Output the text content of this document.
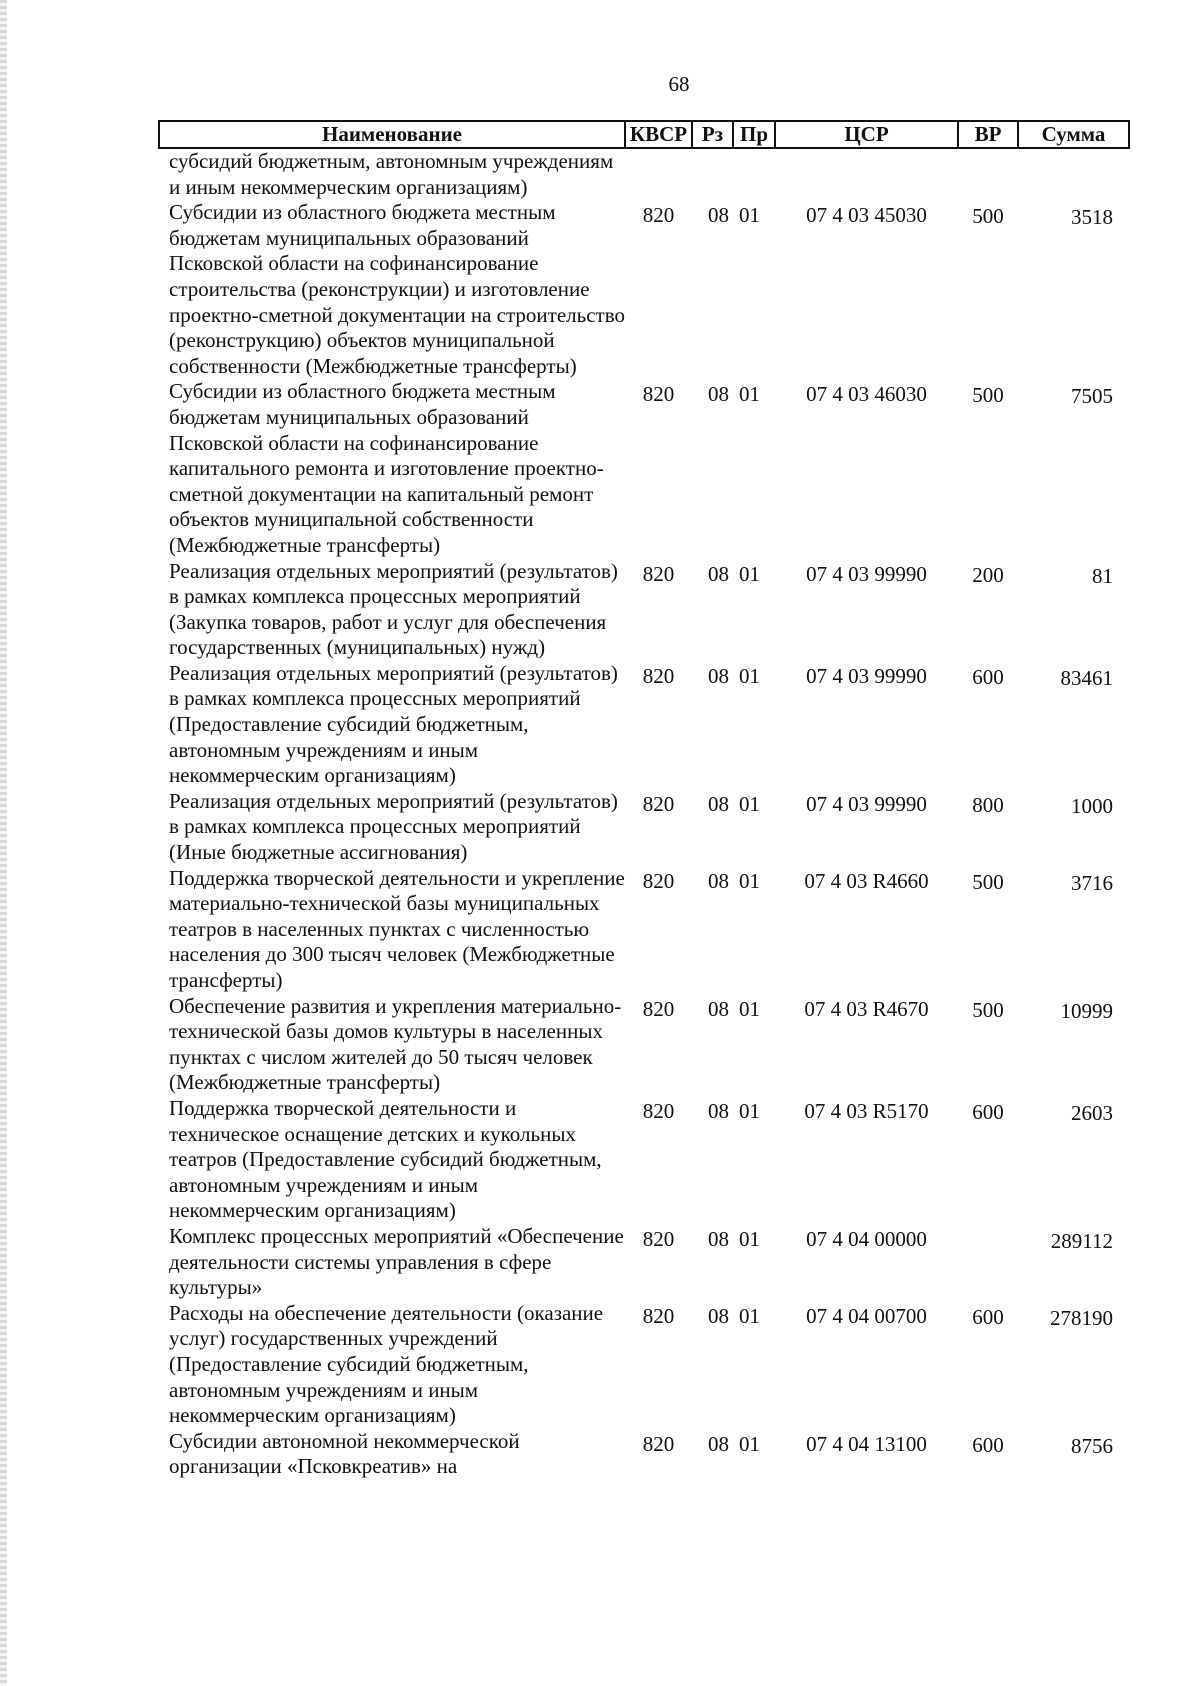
68
Наименование	КВСР	Рз	Пр	ЦСР	ВР	Сумма
субсидий бюджетным, автономным учреждениям и иным некоммерческим организациям)						
Субсидии из областного бюджета местным бюджетам муниципальных образований Псковской области на софинансирование строительства (реконструкции) и изготовление проектно-сметной документации на строительство (реконструкцию) объектов муниципальной собственности (Межбюджетные трансферты)	820	08	01	07 4 03 45030	500	3518
Субсидии из областного бюджета местным бюджетам муниципальных образований Псковской области на софинансирование капитального ремонта и изготовление проектно-сметной документации на капитальный ремонт объектов муниципальной собственности (Межбюджетные трансферты)	820	08	01	07 4 03 46030	500	7505
Реализация отдельных мероприятий (результатов) в рамках комплекса процессных мероприятий (Закупка товаров, работ и услуг для обеспечения государственных (муниципальных) нужд)	820	08	01	07 4 03 99990	200	81
Реализация отдельных мероприятий (результатов) в рамках комплекса процессных мероприятий (Предоставление субсидий бюджетным, автономным учреждениям и иным некоммерческим организациям)	820	08	01	07 4 03 99990	600	83461
Реализация отдельных мероприятий (результатов) в рамках комплекса процессных мероприятий (Иные бюджетные ассигнования)	820	08	01	07 4 03 99990	800	1000
Поддержка творческой деятельности и укрепление материально-технической базы муниципальных театров в населенных пунктах с численностью населения до 300 тысяч человек (Межбюджетные трансферты)	820	08	01	07 4 03 R4660	500	3716
Обеспечение развития и укрепления материально-технической базы домов культуры в населенных пунктах с числом жителей до 50 тысяч человек (Межбюджетные трансферты)	820	08	01	07 4 03 R4670	500	10999
Поддержка творческой деятельности и техническое оснащение детских и кукольных театров (Предоставление субсидий бюджетным, автономным учреждениям и иным некоммерческим организациям)	820	08	01	07 4 03 R5170	600	2603
Комплекс процессных мероприятий «Обеспечение деятельности системы управления в сфере культуры»	820	08	01	07 4 04 00000		289112
Расходы на обеспечение деятельности (оказание услуг) государственных учреждений (Предоставление субсидий бюджетным, автономным учреждениям и иным некоммерческим организациям)	820	08	01	07 4 04 00700	600	278190
Субсидии автономной некоммерческой организации «Псковкреатив» на	820	08	01	07 4 04 13100	600	8756
